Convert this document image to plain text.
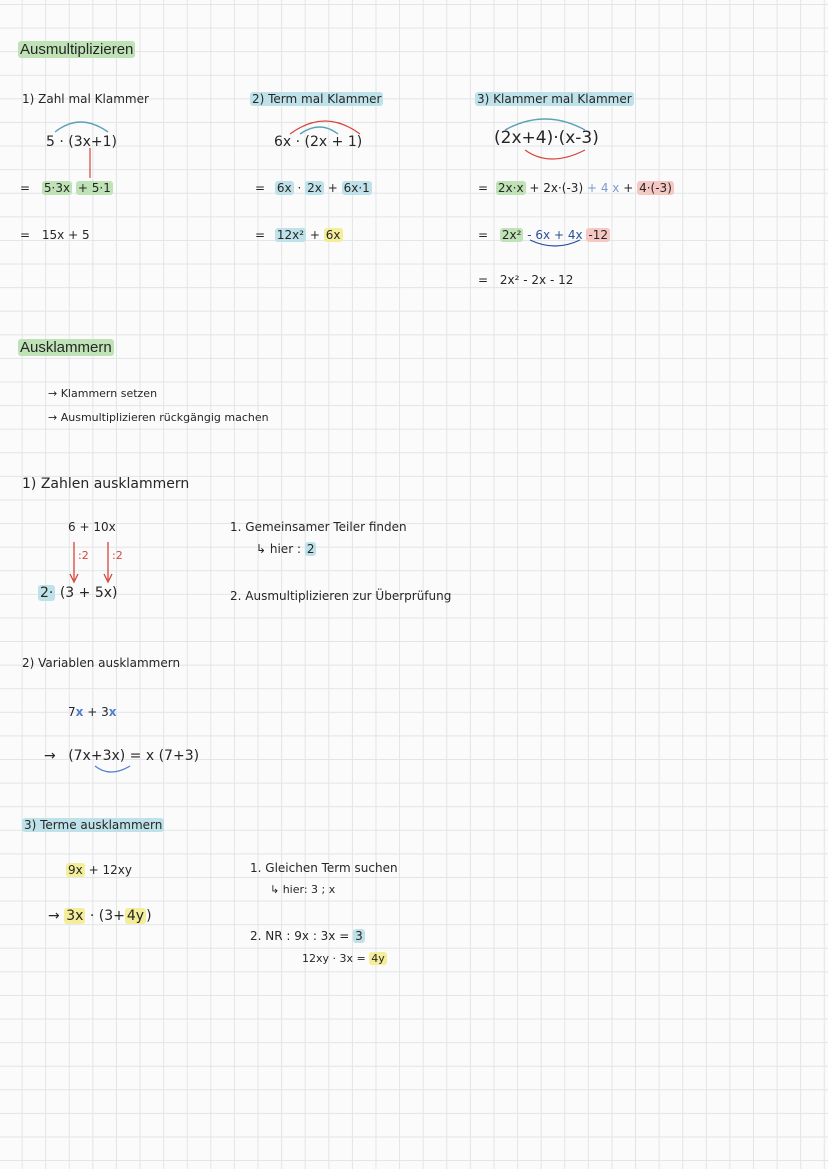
Ausmultiplizieren
1) Zahl mal Klammer
5 · (3x+1)
= 5·3x + 5·1
= 15x + 5
2) Term mal Klammer
6x · (2x + 1)
= 6x · 2x + 6x·1
= 12x² + 6x
3) Klammer mal Klammer
(2x+4)·(x-3)
= 2x·x + 2x·(-3) + 4 x + 4·(-3)
= 2x² - 6x + 4x -12
= 2x² - 2x - 12
Ausklammern
→ Klammern setzen
→ Ausmultiplizieren rückgängig machen
1) Zahlen ausklammern
6 + 10x
:2 :2
2· (3 + 5x)
1. Gemeinsamer Teiler finden
↳ hier : 2
2. Ausmultiplizieren zur Überprüfung
2) Variablen ausklammern
7x + 3x
→ (7x+3x) = x (7+3)
3) Terme ausklammern
9x + 12xy
→ 3x · (3+ 4y )
1. Gleichen Term suchen
↳ hier: 3 ; x
2. NR : 9x : 3x = 3
12xy · 3x = 4y
